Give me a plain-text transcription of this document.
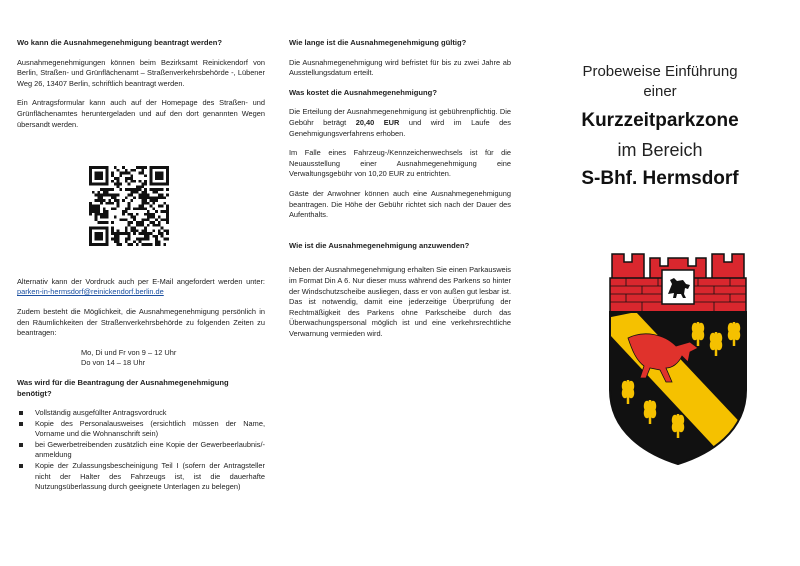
Wo kann die Ausnahmegenehmigung beantragt werden?

Ausnahmegenehmigungen können beim Bezirksamt Reinickendorf von Berlin, Straßen- und Grünflächenamt – Straßenverkehrsbehörde -, Lübener Weg 26, 13407 Berlin, schriftlich beantragt werden.

Ein Antragsformular kann auch auf der Homepage des Straßen- und Grünflächenamtes heruntergeladen und auf den dort genannten Wegen übersandt werden.

Alternativ kann der Vordruck auch per E-Mail angefordert werden unter: parken-in-hermsdorf@reinickendorf.berlin.de

Zudem besteht die Möglichkeit, die Ausnahmegenehmigung persönlich in den Räumlichkeiten der Straßenverkehrsbehörde zu folgenden Zeiten zu beantragen:

Mo, Di und Fr von 9 – 12 Uhr
Do von 14 – 18 Uhr
Was wird für die Beantragung der Ausnahmegenehmigung benötigt?
Vollständig ausgefüllter Antragsvordruck
Kopie des Personalausweises (ersichtlich müssen der Name, Vorname und die Wohnanschrift sein)
bei Gewerbetreibenden zusätzlich eine Kopie der Gewerbeerlaubnis/-anmeldung
Kopie der Zulassungsbescheinigung Teil I (sofern der Antragsteller nicht der Halter des Fahrzeugs ist, ist die dauerhafte Nutzungsüberlassung durch geeignete Unterlagen zu belegen)
Wie lange ist die Ausnahmegenehmigung gültig?

Die Ausnahmegenehmigung wird befristet für bis zu zwei Jahre ab Ausstellungsdatum erteilt.

Was kostet die Ausnahmegenehmigung?

Die Erteilung der Ausnahmegenehmigung ist gebührenpflichtig. Die Gebühr beträgt 20,40 EUR und wird im Laufe des Genehmigungsverfahrens erhoben.

Im Falle eines Fahrzeug-/Kennzeichenwechsels ist für die Neuausstellung einer Ausnahmegenehmigung eine Verwaltungsgebühr von 10,20 EUR zu entrichten.

Gäste der Anwohner können auch eine Ausnahmegenehmigung beantragen. Die Höhe der Gebühr richtet sich nach der Dauer des Aufenthalts.

Wie ist die Ausnahmegenehmigung anzuwenden?

Neben der Ausnahmegenehmigung erhalten Sie einen Parkausweis im Format Din A 6. Nur dieser muss während des Parkens so hinter der Windschutzscheibe ausliegen, dass er von außen gut lesbar ist. Das ist notwendig, damit eine jederzeitige Überprüfung der Rechtmäßigkeit des Parkens ohne Parkscheibe durch das Überwachungspersonal möglich ist und eine verkehrsrechtliche Verwarnung vermieden wird.

Probeweise Einführung
einer
Kurzzeitparkzone
im Bereich
S-Bhf. Hermsdorf
